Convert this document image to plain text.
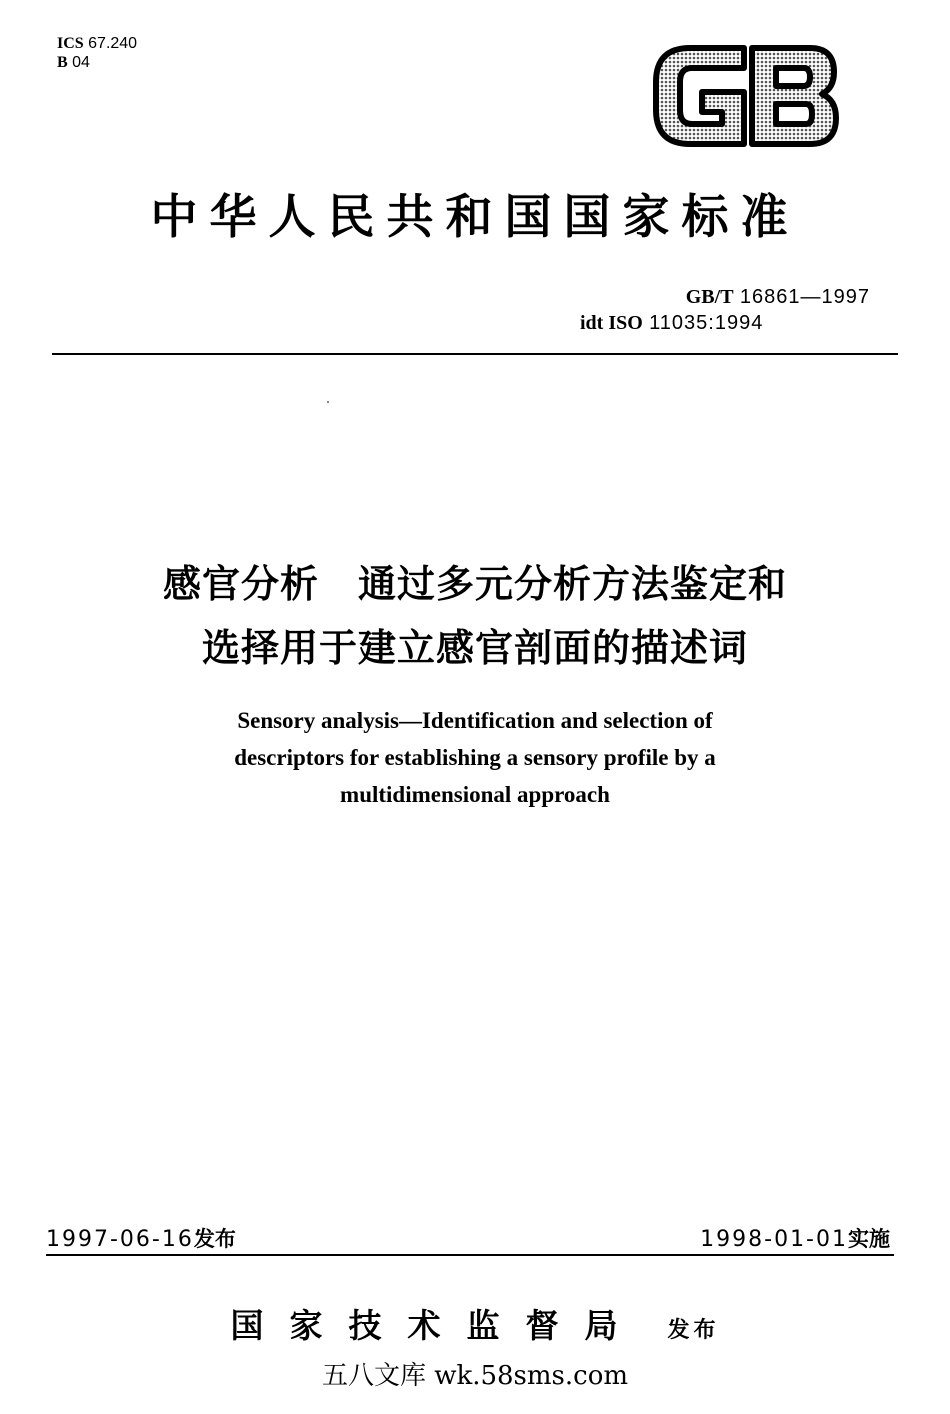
ICS 67.240
B 04
中华人民共和国国家标准
GB/T 16861—1997
idt ISO 11035:1994
感官分析　通过多元分析方法鉴定和
选择用于建立感官剖面的描述词
Sensory analysis—Identification and selection of
descriptors for establishing a sensory profile by a
multidimensional approach
1997-06-16发布	1998-01-01实施
国家技术监督局 发布
五八文库 wk.58sms.com
